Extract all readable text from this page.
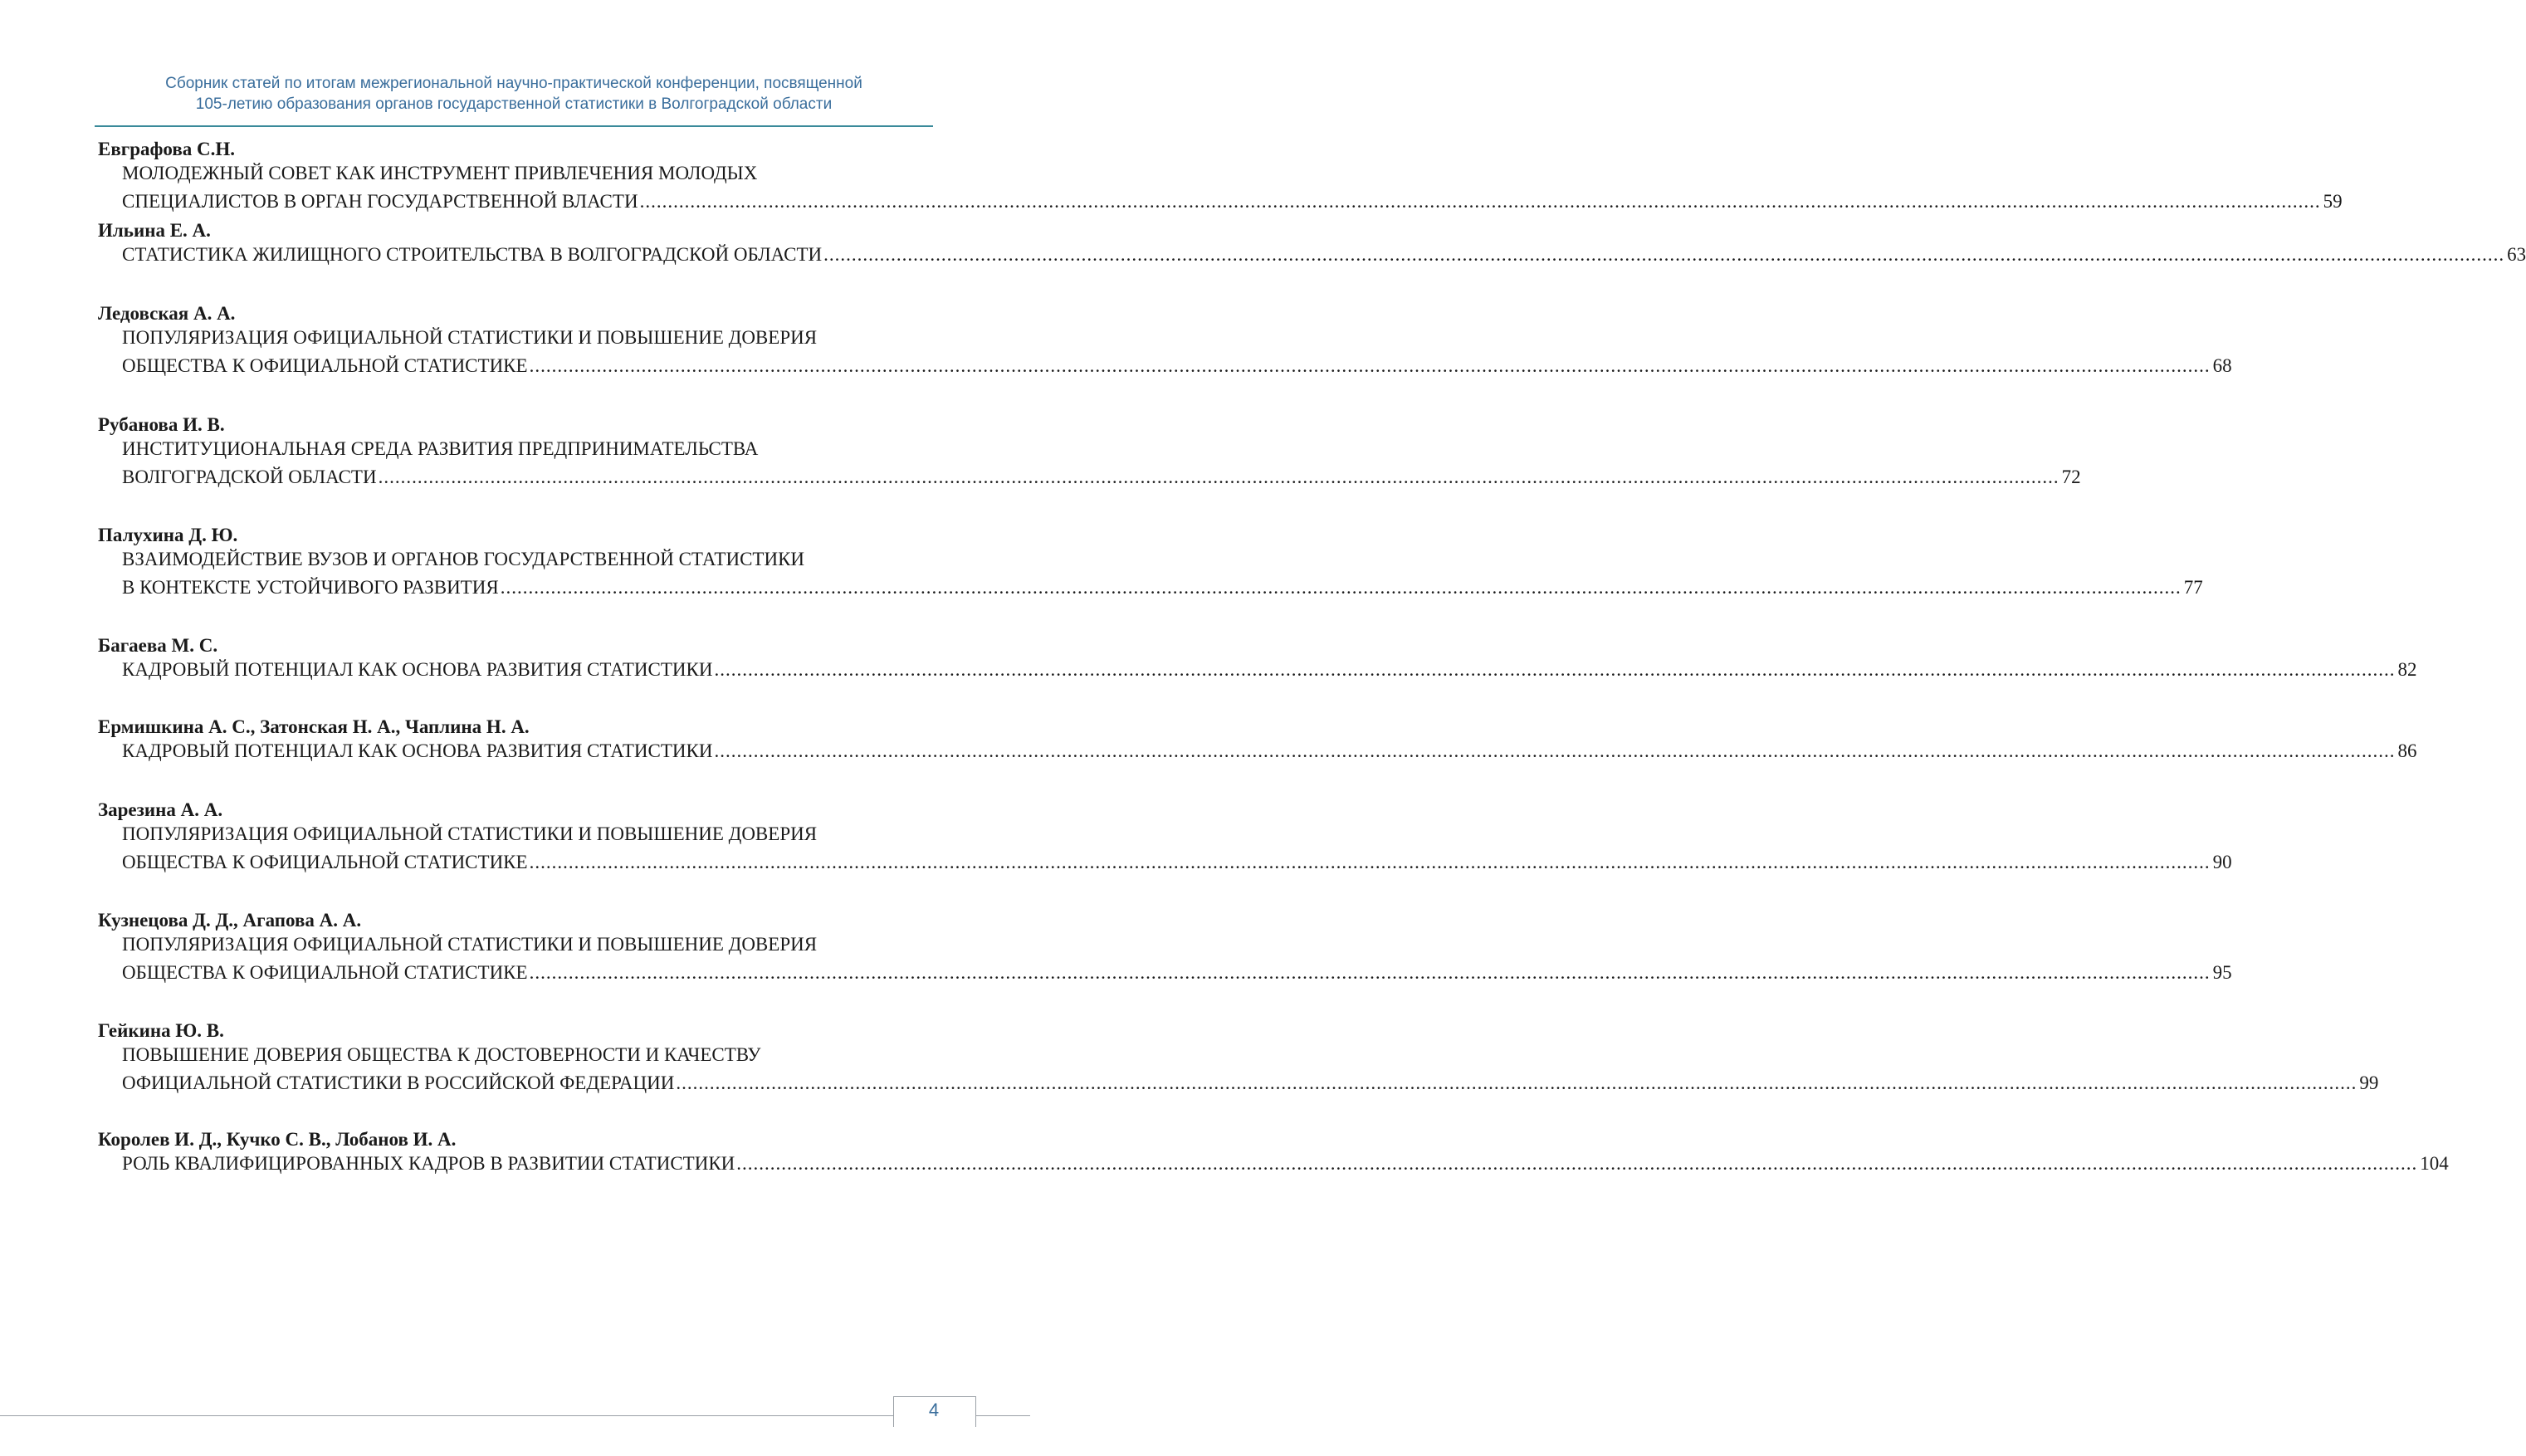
Сборник статей по итогам межрегиональной научно-практической конференции, посвященной
105-летию образования органов государственной статистики в Волгоградской области
Евграфова С.Н.
МОЛОДЕЖНЫЙ СОВЕТ КАК ИНСТРУМЕНТ ПРИВЛЕЧЕНИЯ МОЛОДЫХ
СПЕЦИАЛИСТОВ В ОРГАН ГОСУДАРСТВЕННОЙ ВЛАСТИ ............................................................................................................................................................................................................................................................................................................ 59
Ильина Е. А.
СТАТИСТИКА ЖИЛИЩНОГО СТРОИТЕЛЬСТВА В ВОЛГОГРАДСКОЙ ОБЛАСТИ ............................................................................................................................................................................................................................................................................................................ 63
Ледовская А. А.
ПОПУЛЯРИЗАЦИЯ ОФИЦИАЛЬНОЙ СТАТИСТИКИ И ПОВЫШЕНИЕ ДОВЕРИЯ
ОБЩЕСТВА К ОФИЦИАЛЬНОЙ СТАТИСТИКЕ ............................................................................................................................................................................................................................................................................................................ 68
Рубанова И. В.
ИНСТИТУЦИОНАЛЬНАЯ СРЕДА РАЗВИТИЯ ПРЕДПРИНИМАТЕЛЬСТВА
ВОЛГОГРАДСКОЙ ОБЛАСТИ ............................................................................................................................................................................................................................................................................................................ 72
Палухина Д. Ю.
ВЗАИМОДЕЙСТВИЕ ВУЗОВ И ОРГАНОВ ГОСУДАРСТВЕННОЙ СТАТИСТИКИ
В КОНТЕКСТЕ УСТОЙЧИВОГО РАЗВИТИЯ ............................................................................................................................................................................................................................................................................................................ 77
Багаева М. С.
КАДРОВЫЙ ПОТЕНЦИАЛ КАК ОСНОВА РАЗВИТИЯ СТАТИСТИКИ ............................................................................................................................................................................................................................................................................................................ 82
Ермишкина А. С., Затонская Н. А., Чаплина Н. А.
КАДРОВЫЙ ПОТЕНЦИАЛ КАК ОСНОВА РАЗВИТИЯ СТАТИСТИКИ ............................................................................................................................................................................................................................................................................................................ 86
Зарезина А. А.
ПОПУЛЯРИЗАЦИЯ ОФИЦИАЛЬНОЙ СТАТИСТИКИ И ПОВЫШЕНИЕ ДОВЕРИЯ
ОБЩЕСТВА К ОФИЦИАЛЬНОЙ СТАТИСТИКЕ ............................................................................................................................................................................................................................................................................................................ 90
Кузнецова Д. Д., Агапова А. А.
ПОПУЛЯРИЗАЦИЯ ОФИЦИАЛЬНОЙ СТАТИСТИКИ И ПОВЫШЕНИЕ ДОВЕРИЯ
ОБЩЕСТВА К ОФИЦИАЛЬНОЙ СТАТИСТИКЕ ............................................................................................................................................................................................................................................................................................................ 95
Гейкина Ю. В.
ПОВЫШЕНИЕ ДОВЕРИЯ ОБЩЕСТВА К ДОСТОВЕРНОСТИ И КАЧЕСТВУ
ОФИЦИАЛЬНОЙ СТАТИСТИКИ В РОССИЙСКОЙ ФЕДЕРАЦИИ ............................................................................................................................................................................................................................................................................................................ 99
Королев И. Д., Кучко С. В., Лобанов И. А.
РОЛЬ КВАЛИФИЦИРОВАННЫХ КАДРОВ В РАЗВИТИИ СТАТИСТИКИ ............................................................................................................................................................................................................................................................................................................ 104
4
